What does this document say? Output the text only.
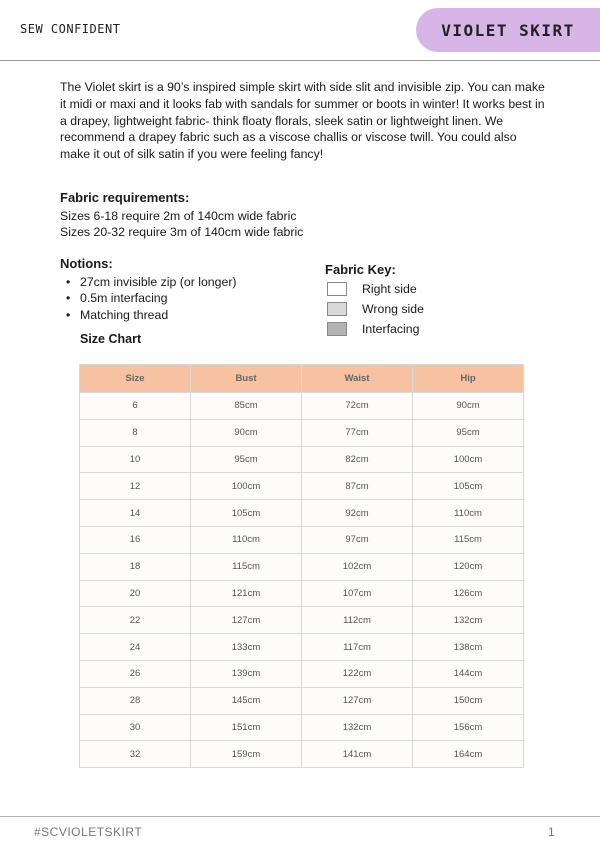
SEW CONFIDENT	VIOLET SKIRT

The Violet skirt is a 90’s inspired simple skirt with side slit and invisible zip. You can make it midi or maxi and it looks fab with sandals for summer or boots in winter! It works best in a drapey, lightweight fabric- think floaty florals, sleek satin or lightweight linen. We recommend a drapey fabric such as a viscose challis or viscose twill. You could also make it out of silk satin if you were feeling fancy!

Fabric requirements:
Sizes 6-18 require 2m of 140cm wide fabric
Sizes 20-32 require 3m of 140cm wide fabric
Notions:
• 27cm invisible zip (or longer)
• 0.5m interfacing
• Matching thread
Fabric Key:
Right side
Wrong side
Interfacing
Size Chart
Size	Bust	Waist	Hip
6	85cm	72cm	90cm
8	90cm	77cm	95cm
10	95cm	82cm	100cm
12	100cm	87cm	105cm
14	105cm	92cm	110cm
16	110cm	97cm	115cm
18	115cm	102cm	120cm
20	121cm	107cm	126cm
22	127cm	112cm	132cm
24	133cm	117cm	138cm
26	139cm	122cm	144cm
28	145cm	127cm	150cm
30	151cm	132cm	156cm
32	159cm	141cm	164cm
#SCVIOLETSKIRT	1
